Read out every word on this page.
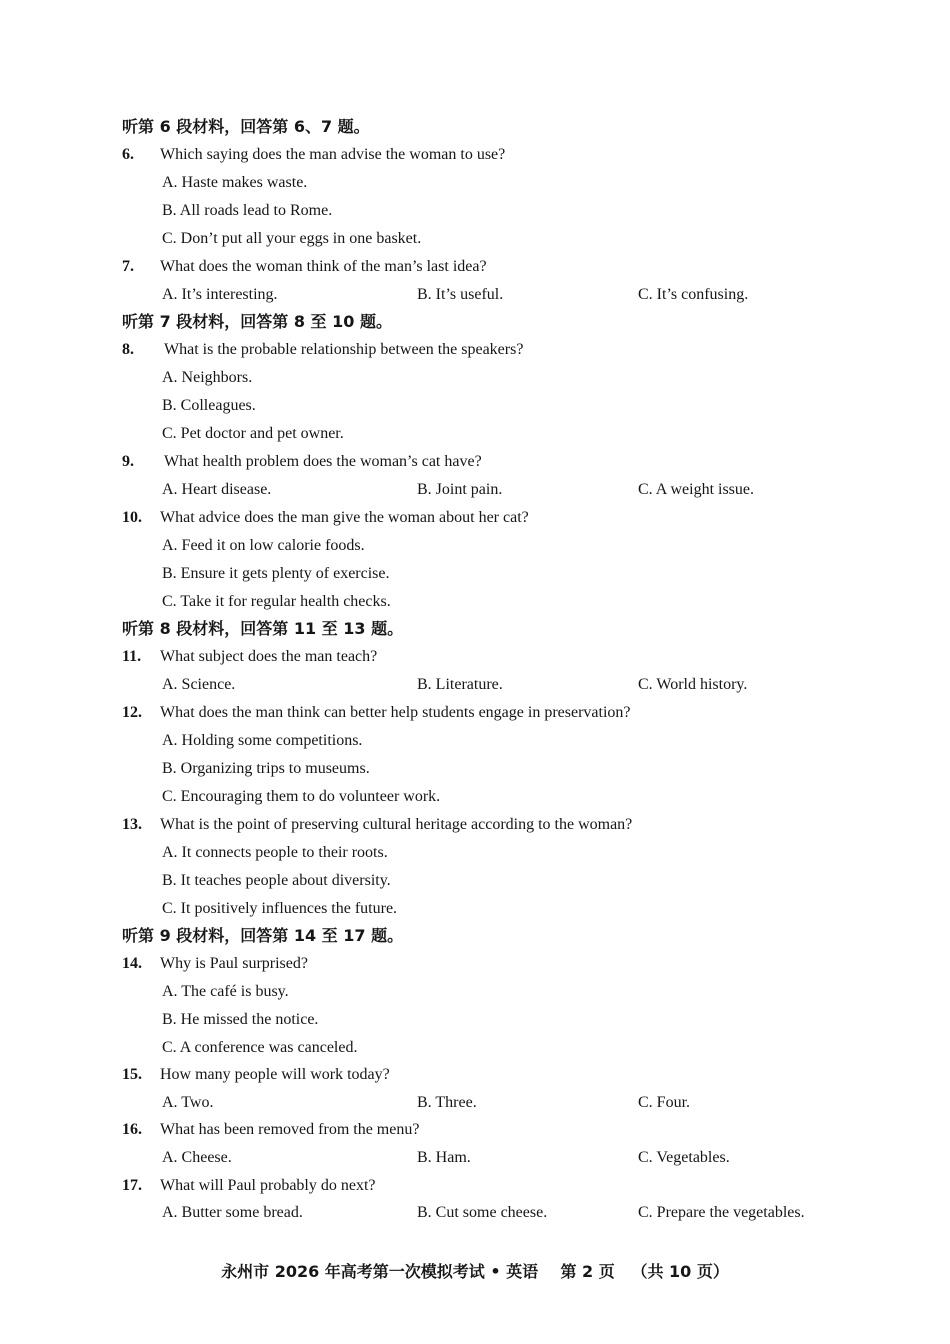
听第 6 段材料，回答第 6、7 题。
6. Which saying does the man advise the woman to use?
A. Haste makes waste.
B. All roads lead to Rome.
C. Don’t put all your eggs in one basket.
7. What does the woman think of the man’s last idea?
A. It’s interesting.	B. It’s useful.	C. It’s confusing.
听第 7 段材料，回答第 8 至 10 题。
8. What is the probable relationship between the speakers?
A. Neighbors.
B. Colleagues.
C. Pet doctor and pet owner.
9. What health problem does the woman’s cat have?
A. Heart disease.	B. Joint pain.	C. A weight issue.
10. What advice does the man give the woman about her cat?
A. Feed it on low calorie foods.
B. Ensure it gets plenty of exercise.
C. Take it for regular health checks.
听第 8 段材料，回答第 11 至 13 题。
11. What subject does the man teach?
A. Science.	B. Literature.	C. World history.
12. What does the man think can better help students engage in preservation?
A. Holding some competitions.
B. Organizing trips to museums.
C. Encouraging them to do volunteer work.
13. What is the point of preserving cultural heritage according to the woman?
A. It connects people to their roots.
B. It teaches people about diversity.
C. It positively influences the future.
听第 9 段材料，回答第 14 至 17 题。
14. Why is Paul surprised?
A. The café is busy.
B. He missed the notice.
C. A conference was canceled.
15. How many people will work today?
A. Two.	B. Three.	C. Four.
16. What has been removed from the menu?
A. Cheese.	B. Ham.	C. Vegetables.
17. What will Paul probably do next?
A. Butter some bread.	B. Cut some cheese.	C. Prepare the vegetables.
永州市 2026 年高考第一次模拟考试 • 英语 第 2 页 （共 10 页）
